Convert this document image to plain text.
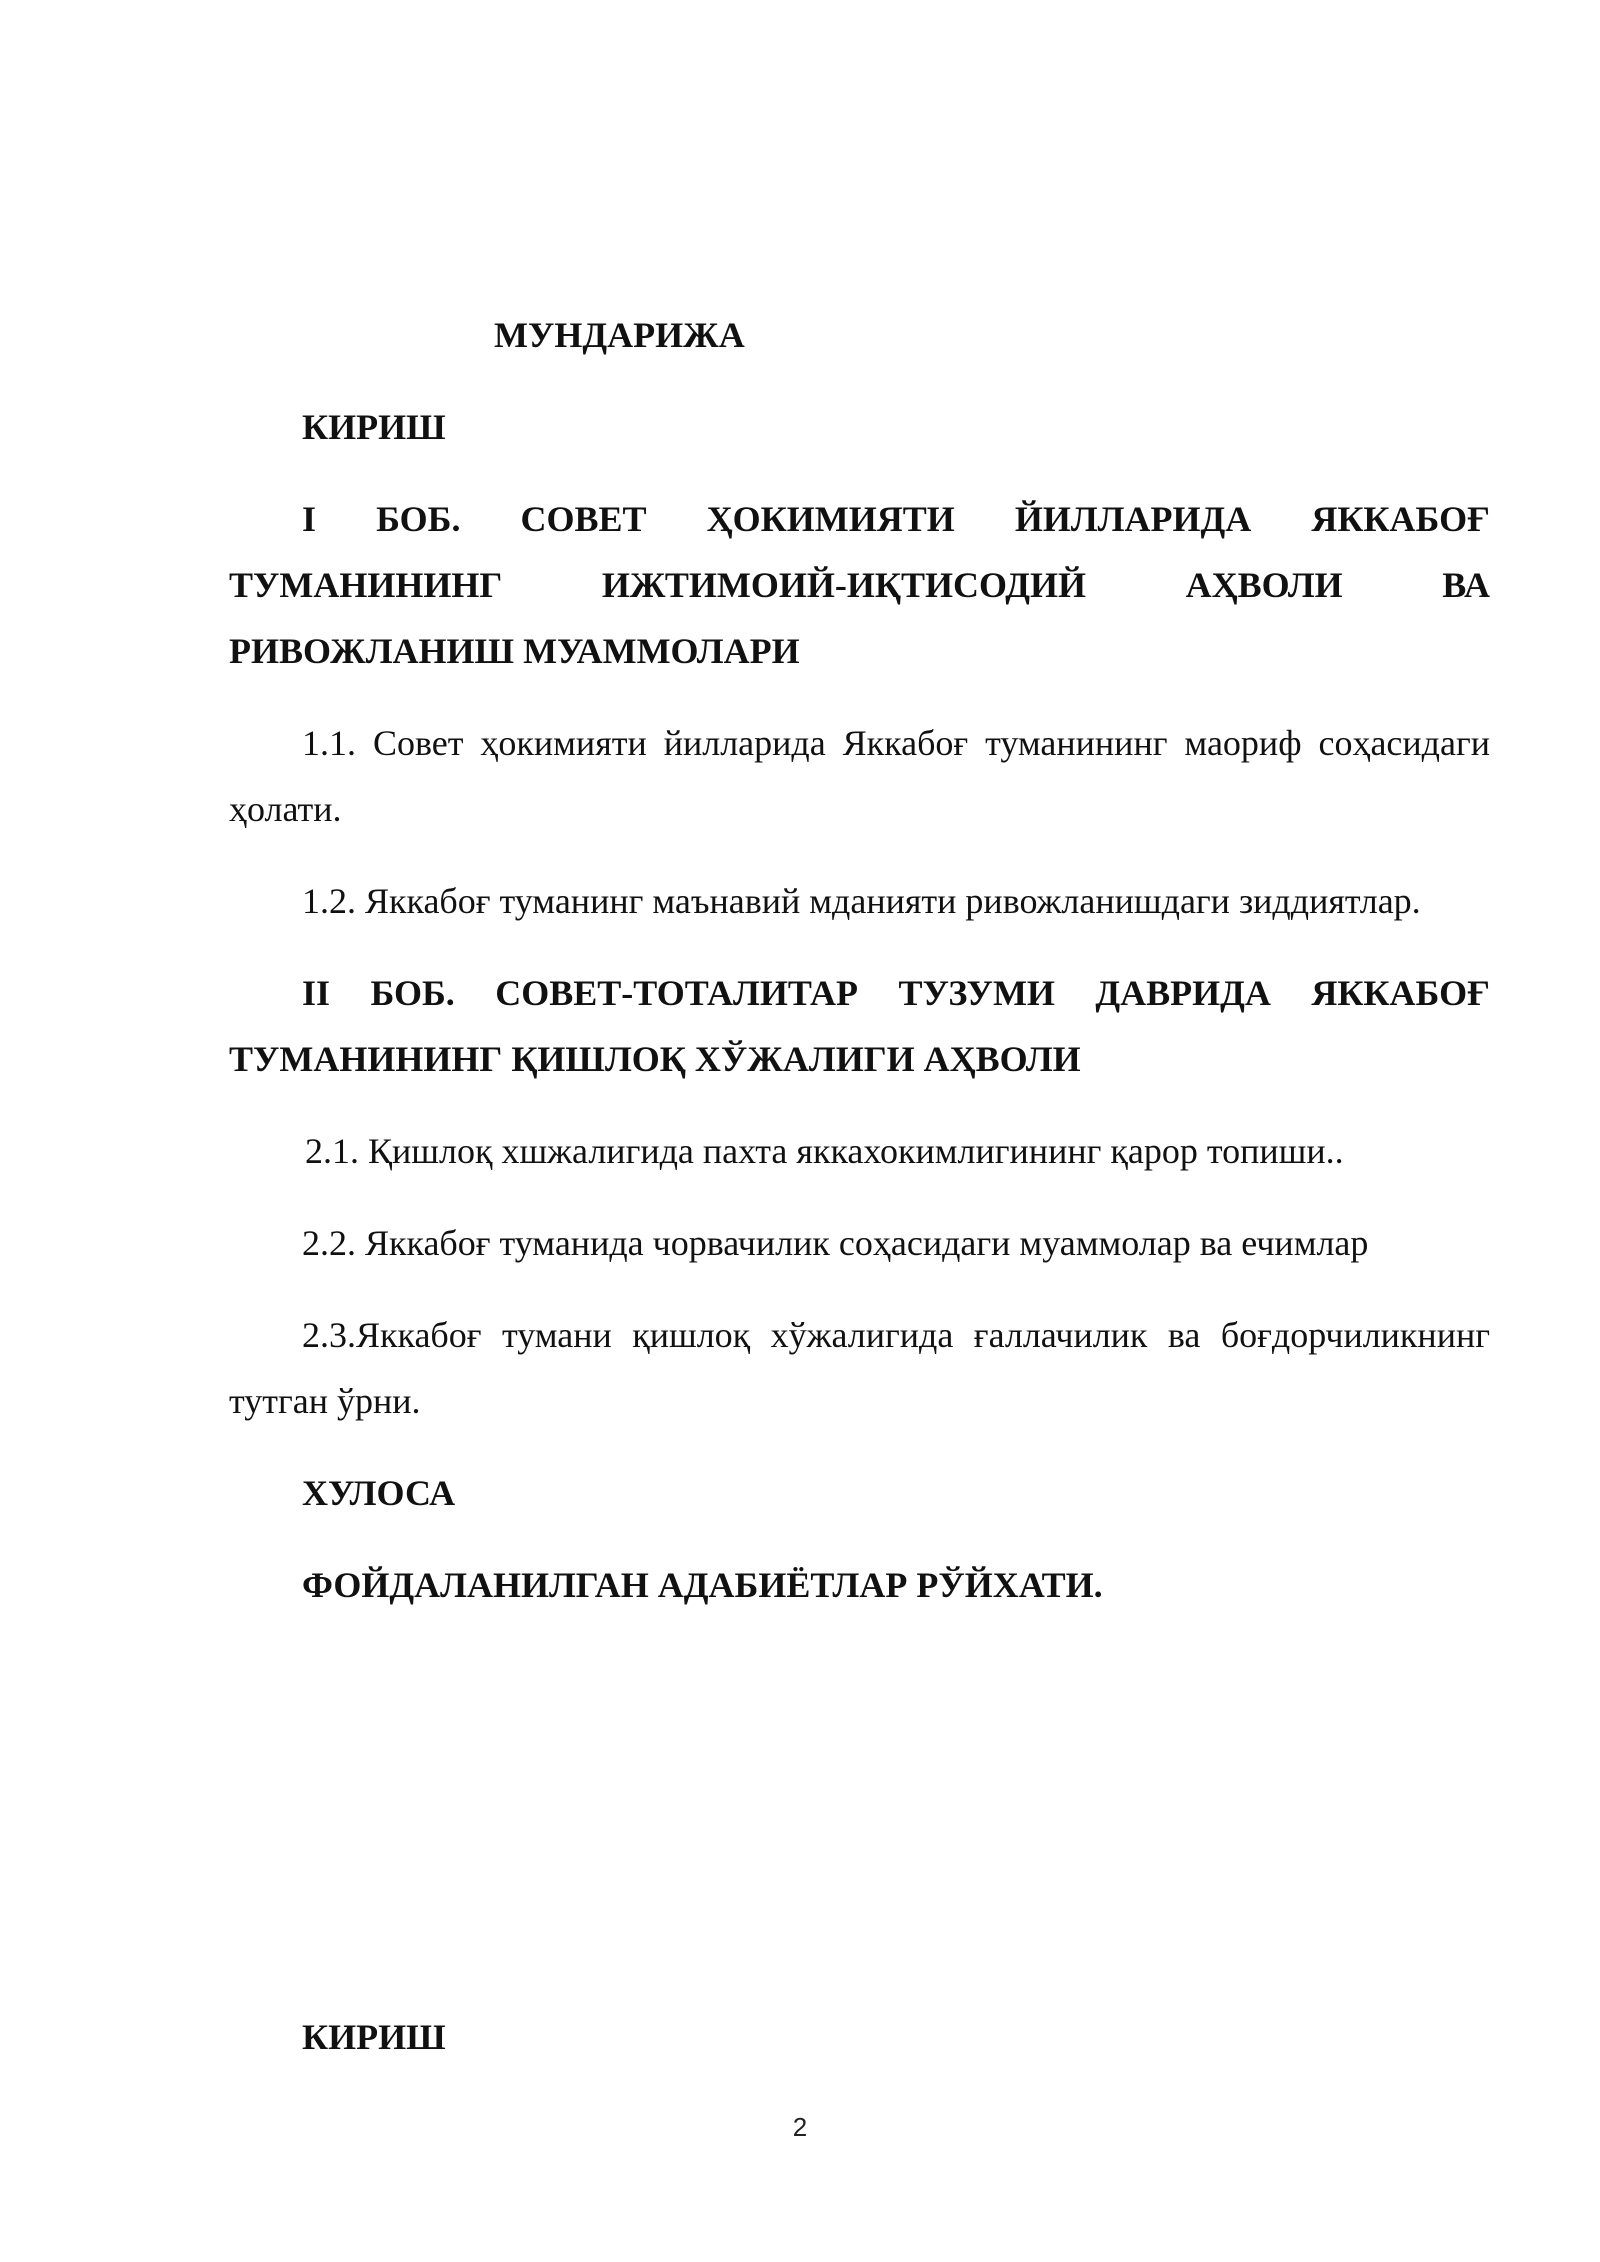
МУНДАРИЖА

КИРИШ

I БОБ. СОВЕТ ҲОКИМИЯТИ ЙИЛЛАРИДА ЯККАБОҒ ТУМАНИНИНГ ИЖТИМОИЙ-ИҚТИСОДИЙ АҲВОЛИ ВА РИВОЖЛАНИШ МУАММОЛАРИ

1.1. Совет ҳокимияти йилларида Яккабоғ туманининг маориф соҳасидаги ҳолати.

1.2. Яккабоғ туманинг маънавий мданияти ривожланишдаги зиддиятлар.

II БОБ. СОВЕТ-ТОТАЛИТАР ТУЗУМИ ДАВРИДА ЯККАБОҒ ТУМАНИНИНГ ҚИШЛОҚ ХЎЖАЛИГИ АҲВОЛИ

2.1. Қишлоқ хшжалигида пахта яккахокимлигининг қарор топиши..

2.2. Яккабоғ туманида чорвачилик соҳасидаги муаммолар ва ечимлар

2.3.Яккабоғ тумани қишлоқ хўжалигида ғаллачилик ва боғдорчиликнинг тутган ўрни.

ХУЛОСА

ФОЙДАЛАНИЛГАН АДАБИЁТЛАР РЎЙХАТИ.

КИРИШ
2
